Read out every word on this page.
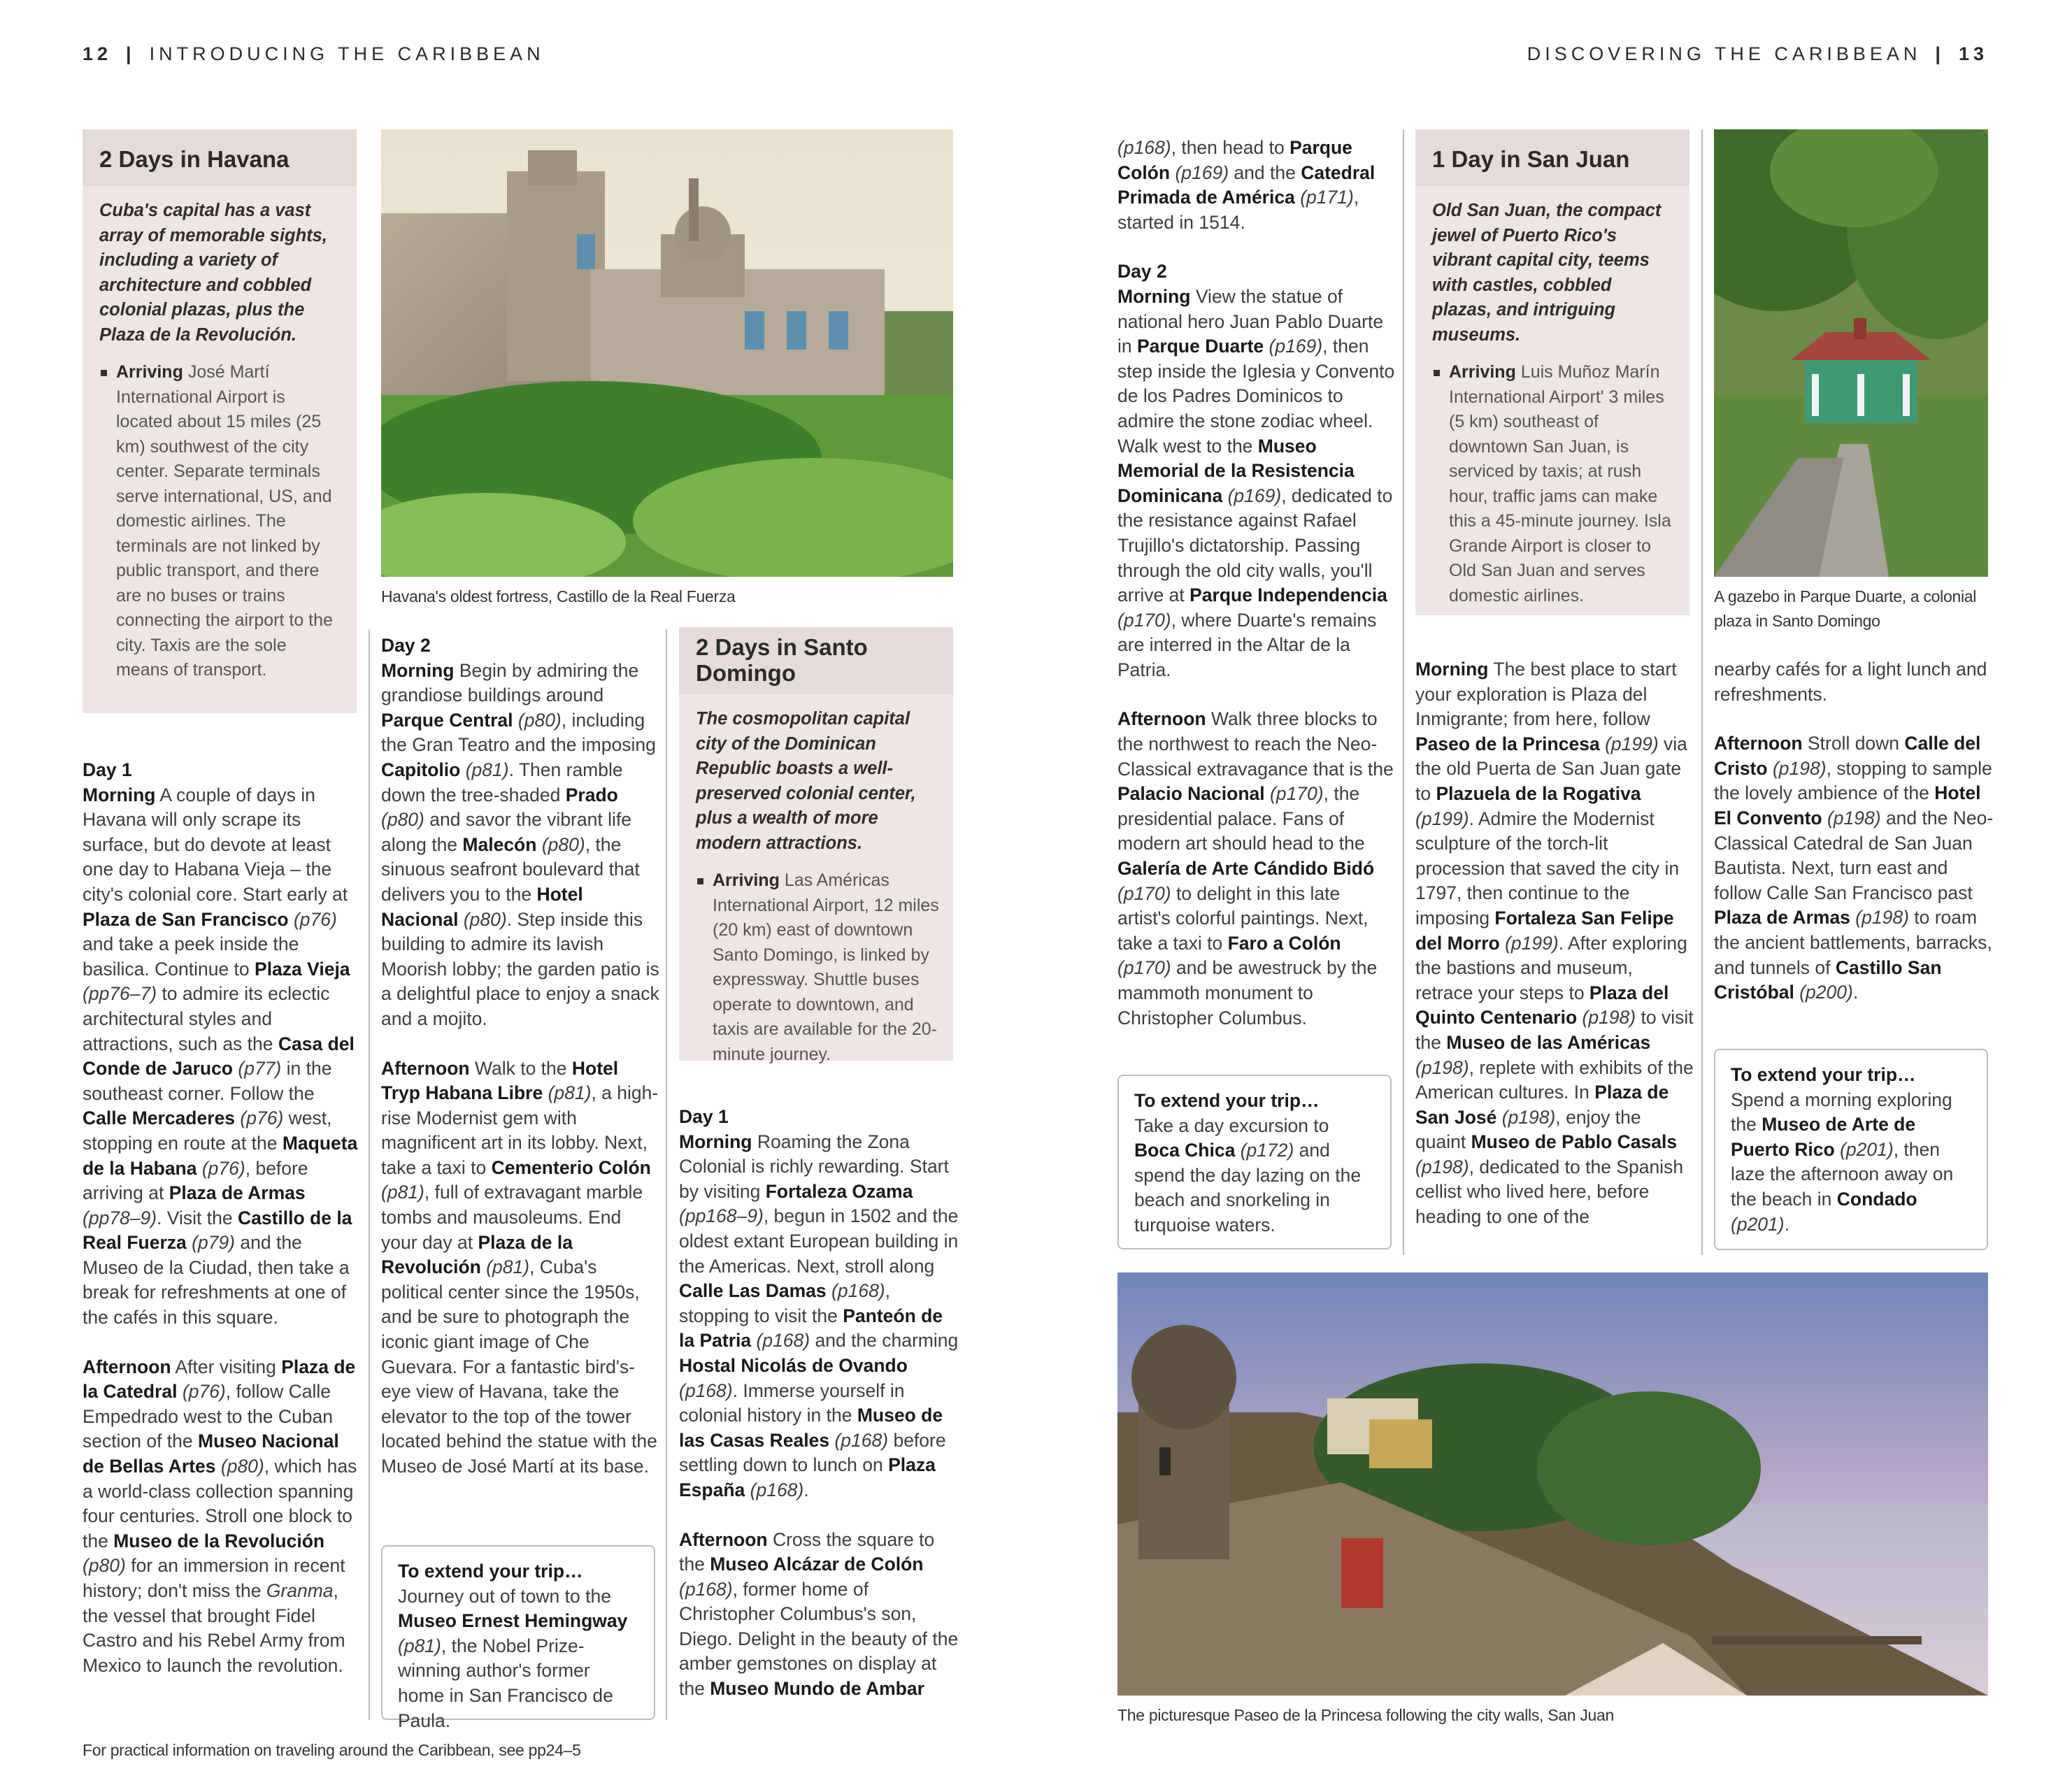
12 | INTRODUCING THE CARIBBEAN	DISCOVERING THE CARIBBEAN | 13
2 Days in Havana

Cuba's capital has a vast array of memorable sights, including a variety of architecture and cobbled colonial plazas, plus the Plaza de la Revolución.

Arriving José Martí International Airport is located about 15 miles (25 km) southwest of the city center. Separate terminals serve international, US, and domestic airlines. The terminals are not linked by public transport, and there are no buses or trains connecting the airport to the city. Taxis are the sole means of transport.
Havana's oldest fortress, Castillo de la Real Fuerza

Day 1

Morning A couple of days in Havana will only scrape its surface, but do devote at least one day to Habana Vieja – the city's colonial core. Start early at Plaza de San Francisco (p76) and take a peek inside the basilica. Continue to Plaza Vieja (pp76–7) to admire its eclectic architectural styles and attractions, such as the Casa del Conde de Jaruco (p77) in the southeast corner. Follow the Calle Mercaderes (p76) west, stopping en route at the Maqueta de la Habana (p76), before arriving at Plaza de Armas (pp78–9). Visit the Castillo de la Real Fuerza (p79) and the Museo de la Ciudad, then take a break for refreshments at one of the cafés in this square.

Afternoon After visiting Plaza de la Catedral (p76), follow Calle Empedrado west to the Cuban section of the Museo Nacional de Bellas Artes (p80), which has a world-class collection spanning four centuries. Stroll one block to the Museo de la Revolución (p80) for an immersion in recent history; don't miss the Granma, the vessel that brought Fidel Castro and his Rebel Army from Mexico to launch the revolution.

Day 2

Morning Begin by admiring the grandiose buildings around Parque Central (p80), including the Gran Teatro and the imposing Capitolio (p81). Then ramble down the tree-shaded Prado (p80) and savor the vibrant life along the Malecón (p80), the sinuous seafront boulevard that delivers you to the Hotel Nacional (p80). Step inside this building to admire its lavish Moorish lobby; the garden patio is a delightful place to enjoy a snack and a mojito.

Afternoon Walk to the Hotel Tryp Habana Libre (p81), a high-rise Modernist gem with magnificent art in its lobby. Next, take a taxi to Cementerio Colón (p81), full of extravagant marble tombs and mausoleums. End your day at Plaza de la Revolución (p81), Cuba's political center since the 1950s, and be sure to photograph the iconic giant image of Che Guevara. For a fantastic bird's-eye view of Havana, take the elevator to the top of the tower located behind the statue with the Museo de José Martí at its base.

To extend your trip…
Journey out of town to the Museo Ernest Hemingway (p81), the Nobel Prize-winning author's former home in San Francisco de Paula.
2 Days in Santo Domingo

The cosmopolitan capital city of the Dominican Republic boasts a well-preserved colonial center, plus a wealth of more modern attractions.

Arriving Las Américas International Airport, 12 miles (20 km) east of downtown Santo Domingo, is linked by expressway. Shuttle buses operate to downtown, and taxis are available for the 20-minute journey.

Day 1

Morning Roaming the Zona Colonial is richly rewarding. Start by visiting Fortaleza Ozama (pp168–9), begun in 1502 and the oldest extant European building in the Americas. Next, stroll along Calle Las Damas (p168), stopping to visit the Panteón de la Patria (p168) and the charming Hostal Nicolás de Ovando (p168). Immerse yourself in colonial history in the Museo de las Casas Reales (p168) before settling down to lunch on Plaza España (p168).

Afternoon Cross the square to the Museo Alcázar de Colón (p168), former home of Christopher Columbus's son, Diego. Delight in the beauty of the amber gemstones on display at the Museo Mundo de Ambar

For practical information on traveling around the Caribbean, see pp24–5

(p168), then head to Parque Colón (p169) and the Catedral Primada de América (p171), started in 1514.

Day 2

Morning View the statue of national hero Juan Pablo Duarte in Parque Duarte (p169), then step inside the Iglesia y Convento de los Padres Dominicos to admire the stone zodiac wheel. Walk west to the Museo Memorial de la Resistencia Dominicana (p169), dedicated to the resistance against Rafael Trujillo's dictatorship. Passing through the old city walls, you'll arrive at Parque Independencia (p170), where Duarte's remains are interred in the Altar de la Patria.

Afternoon Walk three blocks to the northwest to reach the Neo-Classical extravagance that is the Palacio Nacional (p170), the presidential palace. Fans of modern art should head to the Galería de Arte Cándido Bidó (p170) to delight in this late artist's colorful paintings. Next, take a taxi to Faro a Colón (p170) and be awestruck by the mammoth monument to Christopher Columbus.

To extend your trip…
Take a day excursion to Boca Chica (p172) and spend the day lazing on the beach and snorkeling in turquoise waters.
1 Day in San Juan

Old San Juan, the compact jewel of Puerto Rico's vibrant capital city, teems with castles, cobbled plazas, and intriguing museums.

Arriving Luis Muñoz Marín International Airport' 3 miles (5 km) southeast of downtown San Juan, is serviced by taxis; at rush hour, traffic jams can make this a 45-minute journey. Isla Grande Airport is closer to Old San Juan and serves domestic airlines.

Morning The best place to start your exploration is Plaza del Inmigrante; from here, follow Paseo de la Princesa (p199) via the old Puerta de San Juan gate to Plazuela de la Rogativa (p199). Admire the Modernist sculpture of the torch-lit procession that saved the city in 1797, then continue to the imposing Fortaleza San Felipe del Morro (p199). After exploring the bastions and museum, retrace your steps to Plaza del Quinto Centenario (p198) to visit the Museo de las Américas (p198), replete with exhibits of the American cultures. In Plaza de San José (p198), enjoy the quaint Museo de Pablo Casals (p198), dedicated to the Spanish cellist who lived here, before heading to one of the

A gazebo in Parque Duarte, a colonial plaza in Santo Domingo

nearby cafés for a light lunch and refreshments.

Afternoon Stroll down Calle del Cristo (p198), stopping to sample the lovely ambience of the Hotel El Convento (p198) and the Neo-Classical Catedral de San Juan Bautista. Next, turn east and follow Calle San Francisco past Plaza de Armas (p198) to roam the ancient battlements, barracks, and tunnels of Castillo San Cristóbal (p200).

To extend your trip…
Spend a morning exploring the Museo de Arte de Puerto Rico (p201), then laze the afternoon away on the beach in Condado (p201).
The picturesque Paseo de la Princesa following the city walls, San Juan
